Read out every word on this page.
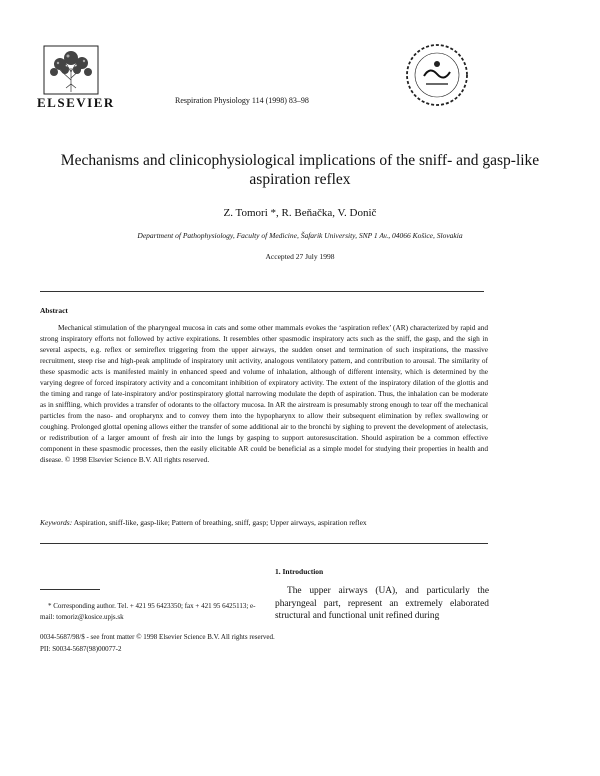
ELSEVIER	Respiration Physiology 114 (1998) 83–98
Mechanisms and clinicophysiological implications of the sniff- and gasp-like aspiration reflex
Z. Tomori *, R. Beňačka, V. Donič
Department of Pathophysiology, Faculty of Medicine, Šafarik University, SNP 1 Av., 04066 Košice, Slovakia
Accepted 27 July 1998
Abstract
Mechanical stimulation of the pharyngeal mucosa in cats and some other mammals evokes the ‘aspiration reflex’ (AR) characterized by rapid and strong inspiratory efforts not followed by active expirations. It resembles other spasmodic inspiratory acts such as the sniff, the gasp, and the sigh in several aspects, e.g. reflex or semireflex triggering from the upper airways, the sudden onset and termination of such inspirations, the massive recruitment, steep rise and high-peak amplitude of inspiratory unit activity, analogous ventilatory pattern, and contribution to arousal. The similarity of these spasmodic acts is manifested mainly in enhanced speed and volume of inhalation, although of different intensity, which is determined by the varying degree of forced inspiratory activity and a concomitant inhibition of expiratory activity. The extent of the inspiratory dilation of the glottis and the timing and range of late-inspiratory and/or postinspiratory glottal narrowing modulate the depth of aspiration. Thus, the inhalation can be moderate as in sniffling, which provides a transfer of odorants to the olfactory mucosa. In AR the airstream is presumably strong enough to tear off the mechanical particles from the naso- and oropharynx and to convey them into the hypopharynx to allow their subsequent elimination by reflex swallowing or coughing. Prolonged glottal opening allows either the transfer of some additional air to the bronchi by sighing to prevent the development of atelectasis, or redistribution of a larger amount of fresh air into the lungs by gasping to support autoresuscitation. Should aspiration be a common effective component in these spasmodic processes, then the easily elicitable AR could be beneficial as a simple model for studying their properties in health and disease. © 1998 Elsevier Science B.V. All rights reserved.
Keywords: Aspiration, sniff-like, gasp-like; Pattern of breathing, sniff, gasp; Upper airways, aspiration reflex
1. Introduction
The upper airways (UA), and particularly the pharyngeal part, represent an extremely elaborated structural and functional unit refined during
* Corresponding author. Tel. + 421 95 6423350; fax + 421 95 6425113; e-mail: tomoriz@kosice.upjs.sk
0034-5687/98/$ - see front matter © 1998 Elsevier Science B.V. All rights reserved.
PII: S0034-5687(98)00077-2
